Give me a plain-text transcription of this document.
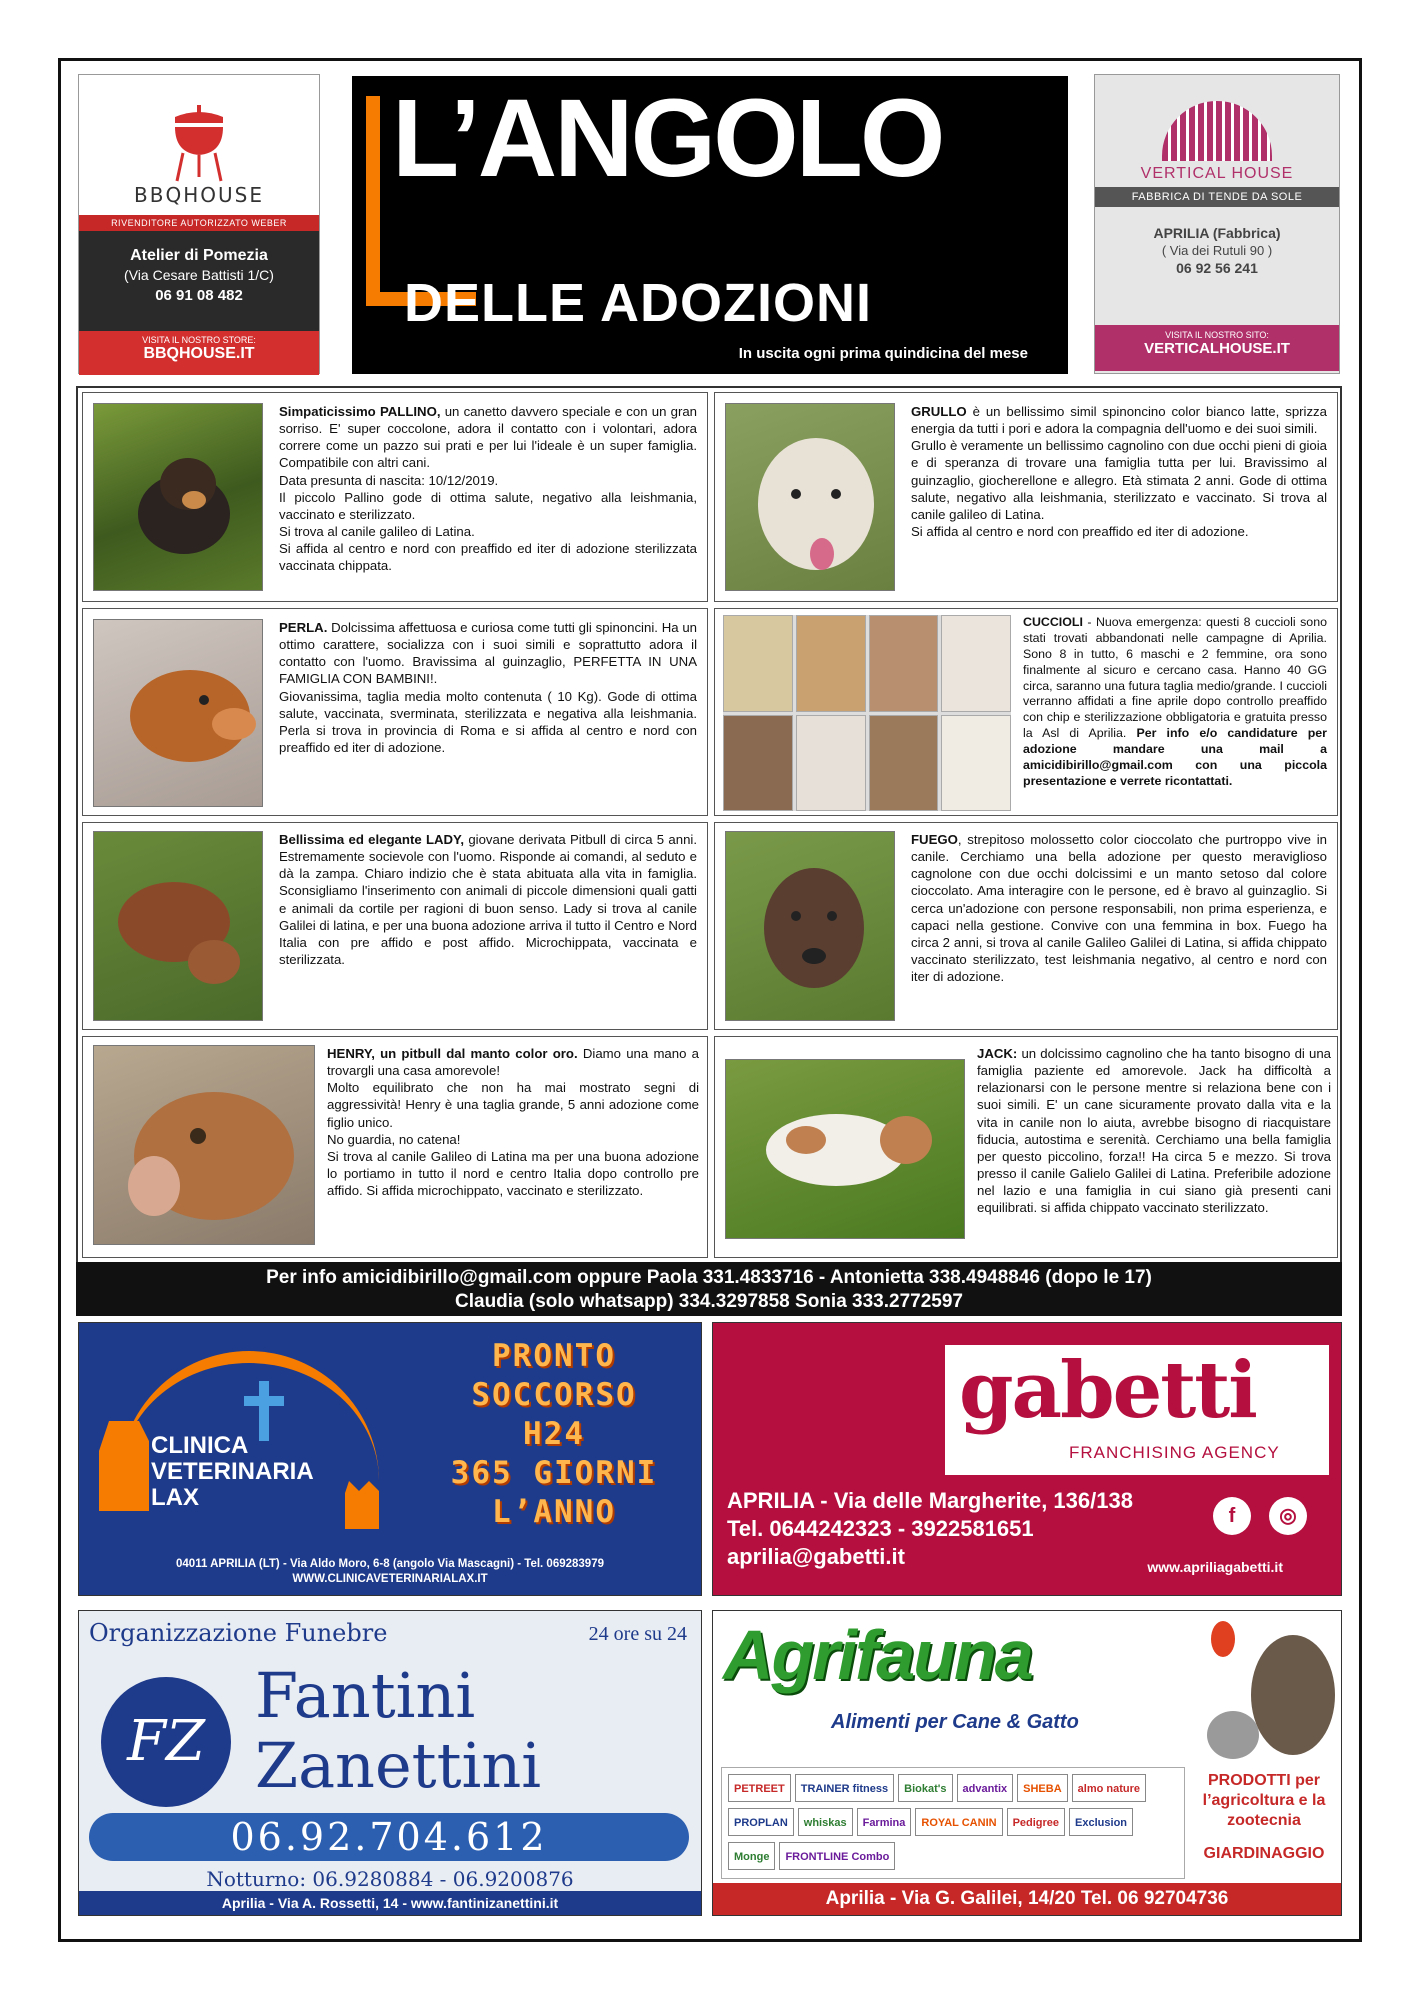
BBQHOUSE
RIVENDITORE AUTORIZZATO WEBER
Atelier di Pomezia
(Via Cesare Battisti 1/C)
06 91 08 482
VISITA IL NOSTRO STORE:
BBQHOUSE.IT
L’ANGOLO
DELLE ADOZIONI
In uscita ogni prima quindicina del mese
VERTICAL HOUSE
FABBRICA DI TENDE DA SOLE
APRILIA (Fabbrica)
( Via dei Rutuli 90 )
06 92 56 241
VISITA IL NOSTRO SITO:
VERTICALHOUSE.IT
Simpaticissimo PALLINO, un canetto davvero speciale e con un gran sorriso. E' super coccolone, adora il contatto con i volontari, adora correre come un pazzo sui prati e per lui l'ideale è un super famiglia. Compatibile con altri cani.
Data presunta di nascita: 10/12/2019.
Il piccolo Pallino gode di ottima salute, negativo alla leishmania, vaccinato e sterilizzato.
Si trova al canile galileo di Latina.
Si affida al centro e nord con preaffido ed iter di adozione sterilizzata vaccinata chippata.
GRULLO è un bellissimo simil spinoncino color bianco latte, sprizza energia da tutti i pori e adora la compagnia dell'uomo e dei suoi simili.
Grullo è veramente un bellissimo cagnolino con due occhi pieni di gioia e di speranza di trovare una famiglia tutta per lui. Bravissimo al guinzaglio, giocherellone e allegro. Età stimata 2 anni. Gode di ottima salute, negativo alla leishmania, sterilizzato e vaccinato. Si trova al canile galileo di Latina.
Si affida al centro e nord con preaffido ed iter di adozione.
PERLA. Dolcissima affettuosa e curiosa come tutti gli spinoncini. Ha un ottimo carattere, socializza con i suoi simili e soprattutto adora il contatto con l'uomo. Bravissima al guinzaglio, PERFETTA IN UNA FAMIGLIA CON BAMBINI!.
Giovanissima, taglia media molto contenuta ( 10 Kg). Gode di ottima salute, vaccinata, sverminata, sterilizzata e negativa alla leishmania. Perla si trova in provincia di Roma e si affida al centro e nord con preaffido ed iter di adozione.
CUCCIOLI - Nuova emergenza: questi 8 cuccioli sono stati trovati abbandonati nelle campagne di Aprilia. Sono 8 in tutto, 6 maschi e 2 femmine, ora sono finalmente al sicuro e cercano casa. Hanno 40 GG circa, saranno una futura taglia medio/grande. I cuccioli verranno affidati a fine aprile dopo controllo preaffido con chip e sterilizzazione obbligatoria e gratuita presso la Asl di Aprilia. Per info e/o candidature per adozione mandare una mail a amicidibirillo@gmail.com con una piccola presentazione e verrete ricontattati.
Bellissima ed elegante LADY, giovane derivata Pitbull di circa 5 anni. Estremamente socievole con l'uomo. Risponde ai comandi, al seduto e dà la zampa. Chiaro indizio che è stata abituata alla vita in famiglia. Sconsigliamo l'inserimento con animali di piccole dimensioni quali gatti e animali da cortile per ragioni di buon senso. Lady si trova al canile Galilei di latina, e per una buona adozione arriva il tutto il Centro e Nord Italia con pre affido e post affido. Microchippata, vaccinata e sterilizzata.
FUEGO, strepitoso molossetto color cioccolato che purtroppo vive in canile. Cerchiamo una bella adozione per questo meraviglioso cagnolone con due occhi dolcissimi e un manto setoso dal colore cioccolato. Ama interagire con le persone, ed è bravo al guinzaglio. Si cerca un'adozione con persone responsabili, non prima esperienza, e capaci nella gestione. Convive con una femmina in box. Fuego ha circa 2 anni, si trova al canile Galileo Galilei di Latina, si affida chippato vaccinato sterilizzato, test leishmania negativo, al centro e nord con iter di adozione.
HENRY, un pitbull dal manto color oro. Diamo una mano a trovargli una casa amorevole!
Molto equilibrato che non ha mai mostrato segni di aggressività! Henry è una taglia grande, 5 anni adozione come figlio unico.
No guardia, no catena!
Si trova al canile Galileo di Latina ma per una buona adozione lo portiamo in tutto il nord e centro Italia dopo controllo pre affido. Si affida microchippato, vaccinato e sterilizzato.
JACK: un dolcissimo cagnolino che ha tanto bisogno di una famiglia paziente ed amorevole. Jack ha difficoltà a relazionarsi con le persone mentre si relaziona bene con i suoi simili. E' un cane sicuramente provato dalla vita e la vita in canile non lo aiuta, avrebbe bisogno di riacquistare fiducia, autostima e serenità. Cerchiamo una bella famiglia per questo piccolino, forza!! Ha circa 5 e mezzo. Si trova presso il canile Galielo Galilei di Latina. Preferibile adozione nel lazio e una famiglia in cui siano già presenti cani equilibrati. si affida chippato vaccinato sterilizzato.
Per info amicidibirillo@gmail.com oppure Paola 331.4833716 - Antonietta 338.4948846 (dopo le 17)
Claudia (solo whatsapp) 334.3297858 Sonia 333.2772597
CLINICA VETERINARIA LAX
PRONTO
SOCCORSO
H24
365 GIORNI
L’ANNO
04011 APRILIA (LT) - Via Aldo Moro, 6-8 (angolo Via Mascagni) - Tel. 069283979
WWW.CLINICAVETERINARIALAX.IT
gabetti
FRANCHISING AGENCY
APRILIA - Via delle Margherite, 136/138
Tel. 0644242323 - 3922581651
aprilia@gabetti.it
f	◎
www.apriliagabetti.it
Organizzazione Funebre	24 ore su 24
FZ
Fantini
Zanettini
06.92.704.612
Notturno: 06.9280884 - 06.9200876
Aprilia - Via A. Rossetti, 14 - www.fantinizanettini.it
Agrifauna
Alimenti per Cane & Gatto
PETREET	TRAINER fitness	Biokat's	advantix	SHEBA	almo nature
PROPLAN	whiskas	Farmina	ROYAL CANIN	Pedigree	Exclusion
Monge	FRONTLINE Combo
PRODOTTI per l’agricoltura e la zootecnia
GIARDINAGGIO
Aprilia - Via G. Galilei, 14/20 Tel. 06 92704736
